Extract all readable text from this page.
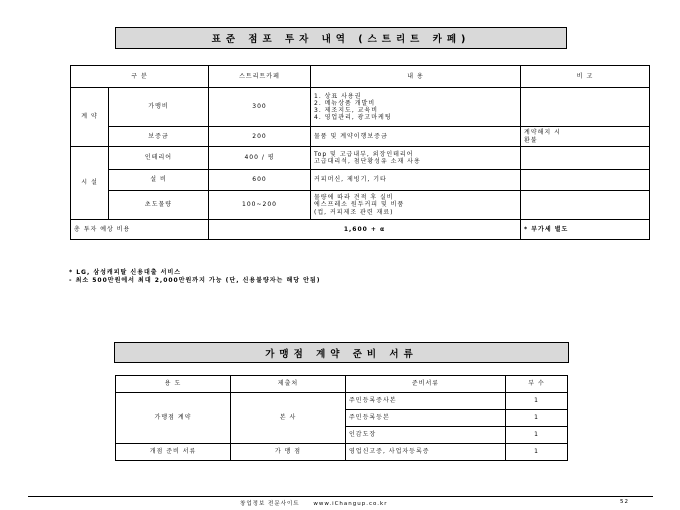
표준 점포 투자 내역 (스트리트 카페)
구 분		스트리트카페	내 용	비 고
계 약	가맹비	300	1. 상표 사용권
2. 메뉴상품 개발비
3. 제조지도, 교육비
4. 영업관리, 광고마케팅	

	보증금	200	물품 및 계약이행보증금	계약해지 시
환불

시 설	인테리어	400 / 평	Top 및 고급내부, 외장인테리어
고급대리석, 첨단황성유 소재 사용	

	설 비	600	커피머신, 제빙기, 기타	
	초도물량	100~200	물량에 따라 견적 후 실비
에스프레소 원두커피 및 비품
(컵, 커피제조 관련 재료)	

총 투자 예상 비용		1,600 + α		* 부가세 별도
* LG, 삼성캐피탈 신용대출 서비스
- 최소 500만원에서 최대 2,000만원까지 가능 (단, 신용불량자는 해당 안됨)
가맹점 계약 준비 서류
용 도	제출처	준비서류	부 수
가맹점 계약	본 사	주민등록증사본	1
		주민등록등본	1
		인감도장	1
개점 준비 서류	가 맹 점	영업신고증, 사업자등록증	1
창업정보 전문사이트	www.iChangup.co.kr	52
